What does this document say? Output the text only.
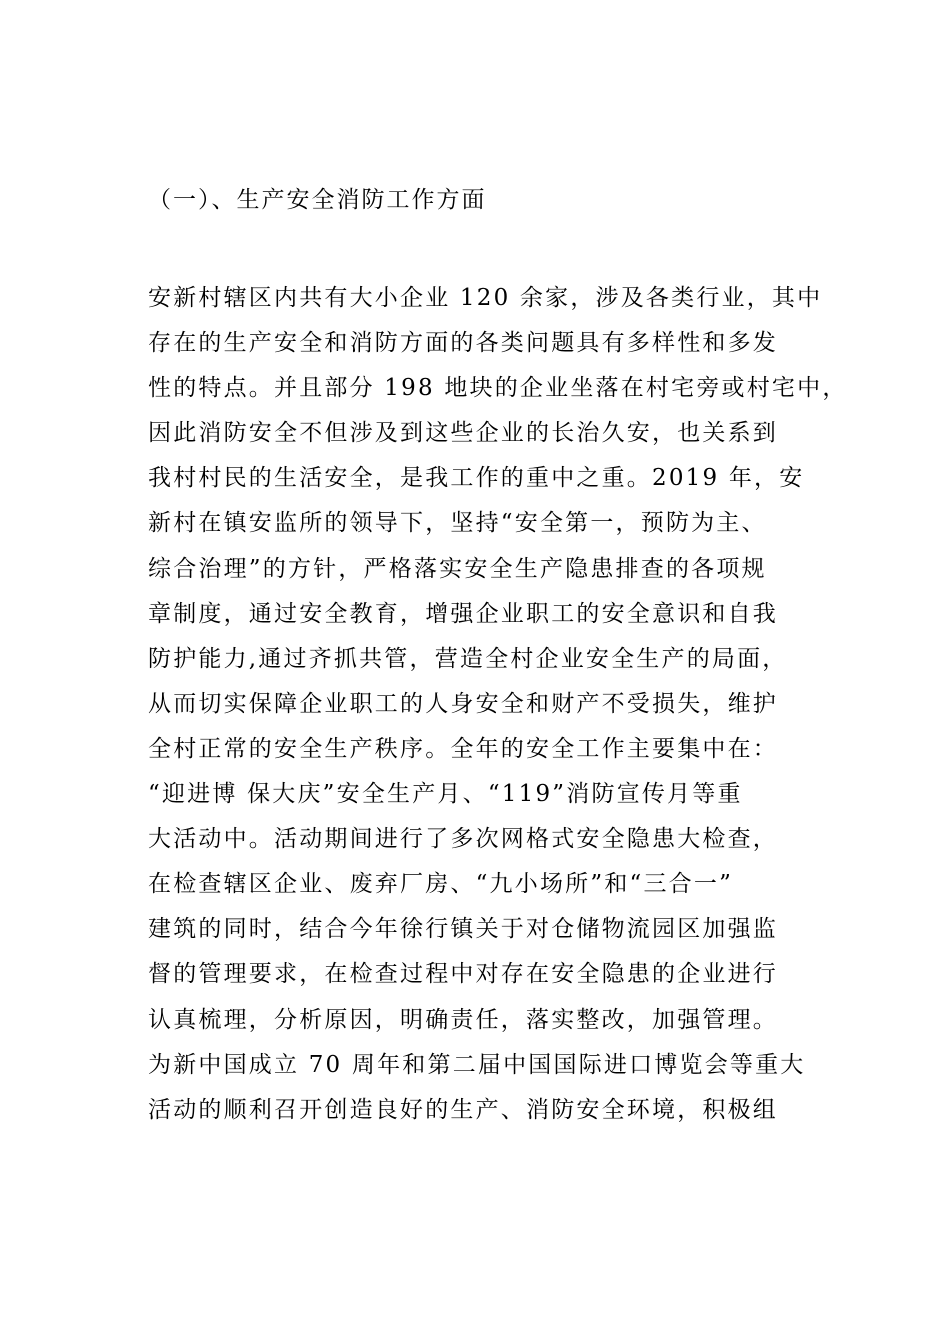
（一）、生产安全消防工作方面
安新村辖区内共有大小企业 120 余家，涉及各类行业，其中
存在的生产安全和消防方面的各类问题具有多样性和多发
性的特点。并且部分 198 地块的企业坐落在村宅旁或村宅中，
因此消防安全不但涉及到这些企业的长治久安，也关系到
我村村民的生活安全，是我工作的重中之重。2019 年，安
新村在镇安监所的领导下，坚持“安全第一，预防为主、
综合治理”的方针，严格落实安全生产隐患排查的各项规
章制度，通过安全教育，增强企业职工的安全意识和自我
防护能力,通过齐抓共管，营造全村企业安全生产的局面，
从而切实保障企业职工的人身安全和财产不受损失，维护
全村正常的安全生产秩序。全年的安全工作主要集中在：
“迎进博 保大庆”安全生产月、“119”消防宣传月等重
大活动中。活动期间进行了多次网格式安全隐患大检查，
在检查辖区企业、废弃厂房、“九小场所”和“三合一”
建筑的同时，结合今年徐行镇关于对仓储物流园区加强监
督的管理要求，在检查过程中对存在安全隐患的企业进行
认真梳理，分析原因，明确责任，落实整改，加强管理。
为新中国成立 70 周年和第二届中国国际进口博览会等重大
活动的顺利召开创造良好的生产、消防安全环境，积极组
